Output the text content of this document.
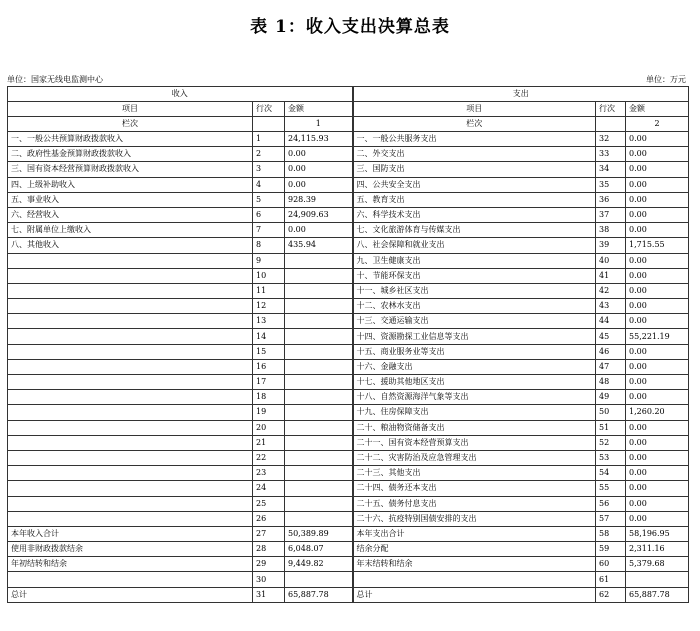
表 1：收入支出决算总表
单位：国家无线电监测中心	单位：万元
收入			支出		
项目	行次	金额	项目	行次	金额
栏次		1	栏次		2
一、一般公共预算财政拨款收入	1	24,115.93	一、一般公共服务支出	32	0.00
二、政府性基金预算财政拨款收入	2	0.00	二、外交支出	33	0.00
三、国有资本经营预算财政拨款收入	3	0.00	三、国防支出	34	0.00
四、上级补助收入	4	0.00	四、公共安全支出	35	0.00
五、事业收入	5	928.39	五、教育支出	36	0.00
六、经营收入	6	24,909.63	六、科学技术支出	37	0.00
七、附属单位上缴收入	7	0.00	七、文化旅游体育与传媒支出	38	0.00
八、其他收入	8	435.94	八、社会保障和就业支出	39	1,715.55
	9		九、卫生健康支出	40	0.00
	10		十、节能环保支出	41	0.00
	11		十一、城乡社区支出	42	0.00
	12		十二、农林水支出	43	0.00
	13		十三、交通运输支出	44	0.00
	14		十四、资源勘探工业信息等支出	45	55,221.19
	15		十五、商业服务业等支出	46	0.00
	16		十六、金融支出	47	0.00
	17		十七、援助其他地区支出	48	0.00
	18		十八、自然资源海洋气象等支出	49	0.00
	19		十九、住房保障支出	50	1,260.20
	20		二十、粮油物资储备支出	51	0.00
	21		二十一、国有资本经营预算支出	52	0.00
	22		二十二、灾害防治及应急管理支出	53	0.00
	23		二十三、其他支出	54	0.00
	24		二十四、债务还本支出	55	0.00
	25		二十五、债务付息支出	56	0.00
	26		二十六、抗疫特别国债安排的支出	57	0.00
本年收入合计	27	50,389.89	本年支出合计	58	58,196.95
使用非财政拨款结余	28	6,048.07	结余分配	59	2,311.16
年初结转和结余	29	9,449.82	年末结转和结余	60	5,379.68
	30			61	
总计	31	65,887.78	总计	62	65,887.78
